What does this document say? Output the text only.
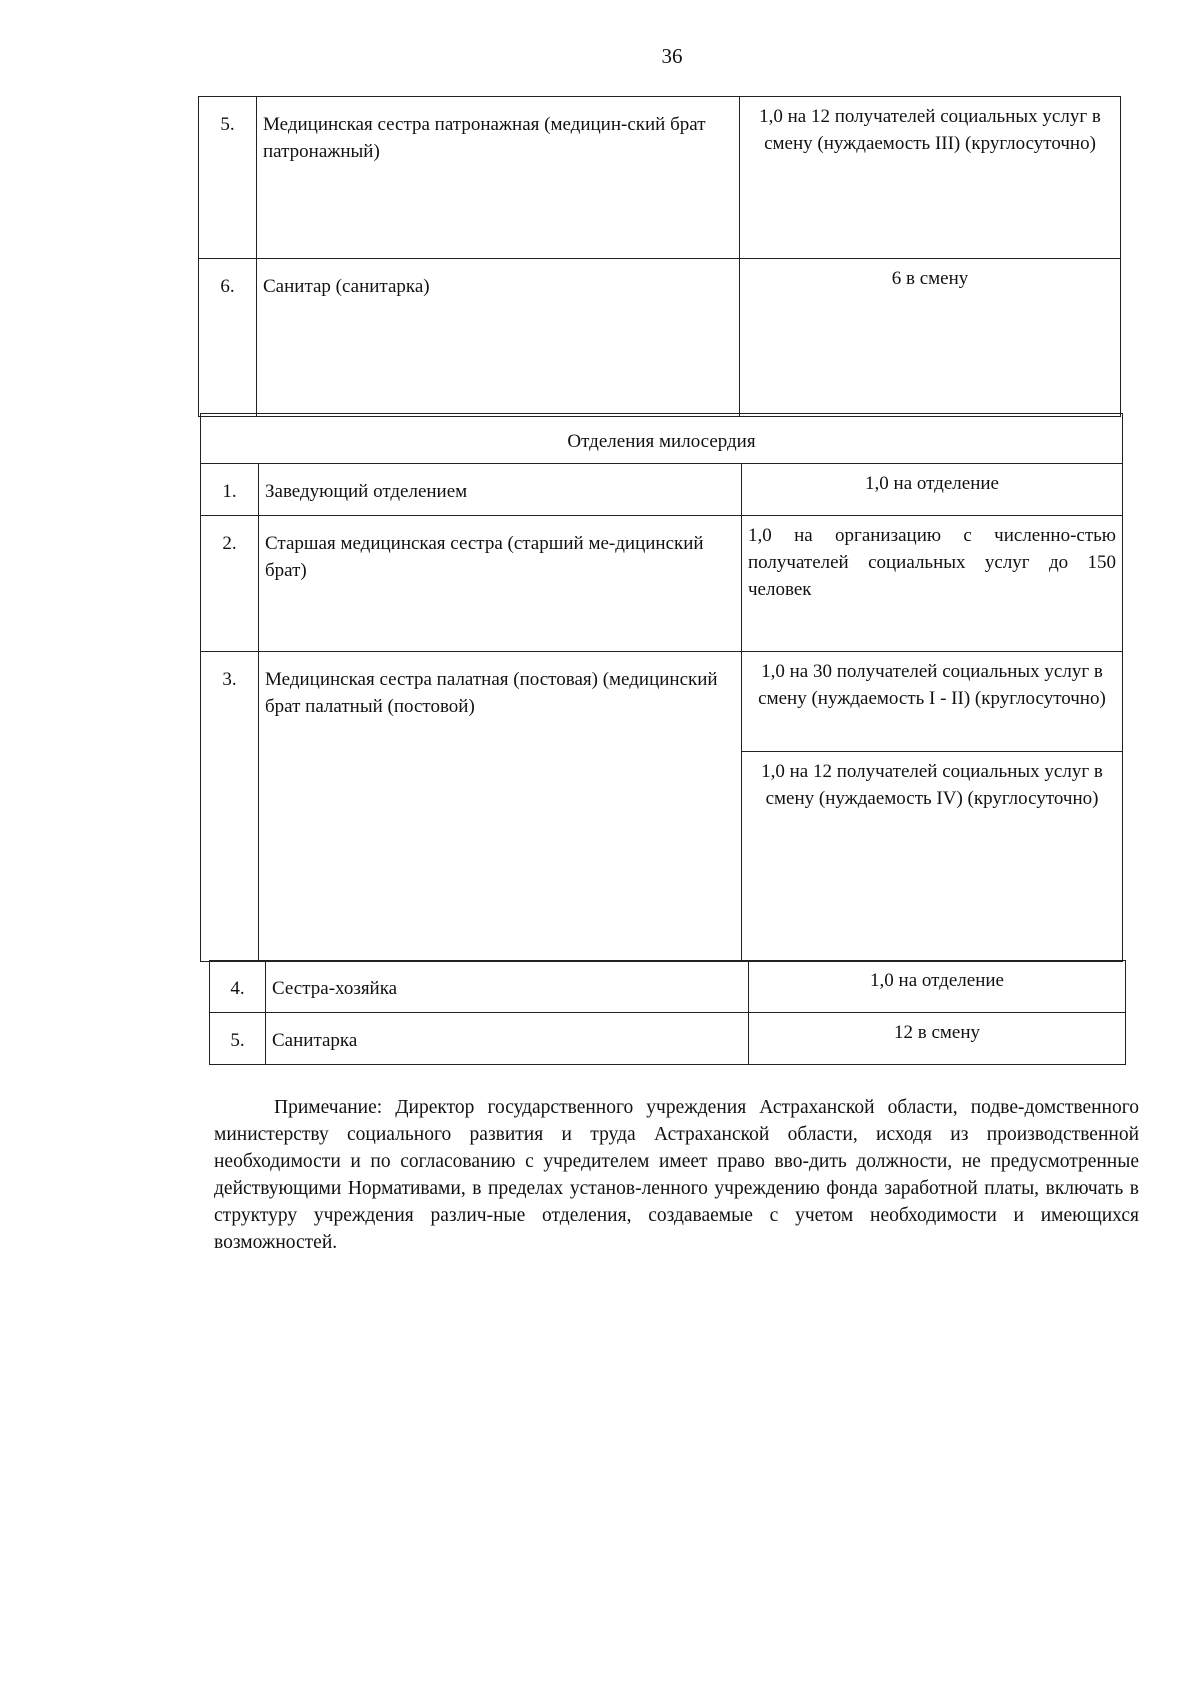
36
5.	Медицинская сестра патронажная (медицин-ский брат патронажный)	1,0 на 12 получателей социальных услуг в смену (нуждаемость III) (круглосуточно)
6.	Санитар (санитарка)	6 в смену
Отделения милосердия		
1.	Заведующий отделением	1,0 на отделение
2.	Старшая медицинская сестра (старший ме-дицинский брат)	1,0 на организацию с численно-стью получателей социальных услуг до 150 человек
3.	Медицинская сестра палатная (постовая) (медицинский брат палатный (постовой)	1,0 на 30 получателей социальных услуг в смену (нуждаемость I - II) (круглосуточно)
		1,0 на 12 получателей социальных услуг в смену (нуждаемость IV) (круглосуточно)
4.	Сестра-хозяйка	1,0 на отделение
5.	Санитарка	12 в смену

Примечание: Директор государственного учреждения Астраханской области, подве-домственного министерству социального развития и труда Астраханской области, исходя из производственной необходимости и по согласованию с учредителем имеет право вво-дить должности, не предусмотренные действующими Нормативами, в пределах установ-ленного учреждению фонда заработной платы, включать в структуру учреждения различ-ные отделения, создаваемые с учетом необходимости и имеющихся возможностей.
